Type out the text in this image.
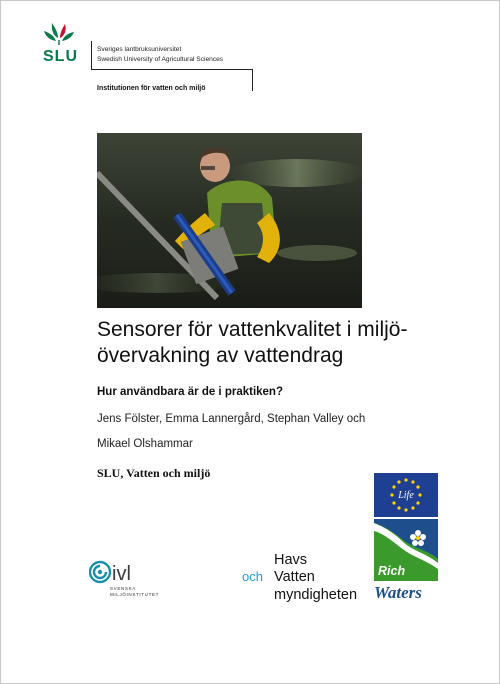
SLU	Sveriges lantbruksuniversitet
Swedish University of Agricultural Sciences
Institutionen för vatten och miljö
Sensorer för vattenkvalitet i miljö-
övervakning av vattendrag
Hur användbara är de i praktiken?
Jens Fölster, Emma Lannergård, Stephan Valley och
Mikael Olshammar
SLU, Vatten och miljö
ivl
SVENSKA
MILJÖINSTITUTET
Havs
och Vatten
myndigheten
Life
Rich
Waters
